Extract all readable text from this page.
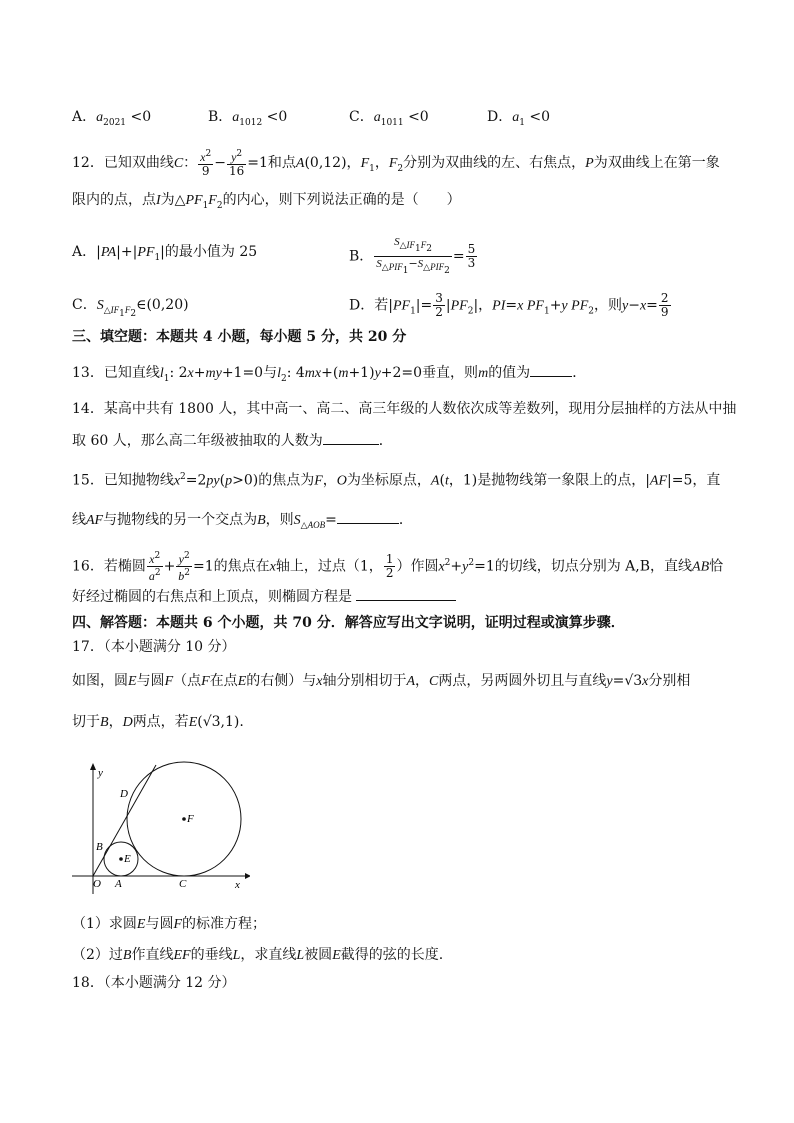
A．$a_{2021} <0$	B．$a_{1012} <0$	C．$a_{1011} <0$	D．$a_1 <0$
12．已知双曲线C： $\frac{x^2}{9} - \frac{y^2}{16} =1$和点A(0,12)，$F_1$，$F_2$分别为双曲线的左、右焦点，P为双曲线上在第一象
限内的点，点I为$\triangle PF_1F_2$的内心，则下列说法正确的是（　　）
A．$|PA|+|PF_1|$的最小值为 25	B． $\frac{S_{\triangle IF_1F_2}}{S_{\triangle PIF_1}-S_{\triangle PIF_2}} = \frac{5}{3}$
C．$S_{\triangle IF_1F_2}\in(0,20)$	D．若$|PF_1|= \frac{3}{2} |PF_2|$，PI=x $PF_1+y$ $PF_2$，则$y-x= \frac{2}{9}$
三、填空题：本题共 4 小题，每小题 5 分，共 20 分
13．已知直线$l_1$: 2x+my+1=0与$l_2$: 4mx+(m+1)y+2=0垂直，则m的值为	．
14．某高中共有 1800 人，其中高一、高二、高三年级的人数依次成等差数列，现用分层抽样的方法从中抽
取 60 人，那么高二年级被抽取的人数为	．
15．已知抛物线$x^2=2py(p>0)$的焦点为F，O为坐标原点，A(t，1)是抛物线第一象限上的点，|AF|=5，直
线AF与抛物线的另一个交点为B，则$S_{\triangle AOB}=$	．
16．若椭圆 $\frac{x^2}{a^2} + \frac{y^2}{b^2} =1$的焦点在x轴上，过点（1， $\frac{1}{2}$ ）作圆$x^2+y^2=1$的切线，切点分别为 A,B，直线AB恰
好经过椭圆的右焦点和上顶点，则椭圆方程是
四、解答题：本题共 6 个小题，共 70 分．解答应写出文字说明，证明过程或演算步骤．
17．（本小题满分 10 分）
如图，圆E与圆F（点F在点E的右侧）与x轴分别相切于A，C两点，另两圆外切且与直线y=√3x分别相
切于B，D两点，若E(√3,1).
y
D
F
B
E
O A	C	x
（1）求圆E与圆F的标准方程；
（2）过B作直线EF的垂线L，求直线L被圆E截得的弦的长度.
18．（本小题满分 12 分）
